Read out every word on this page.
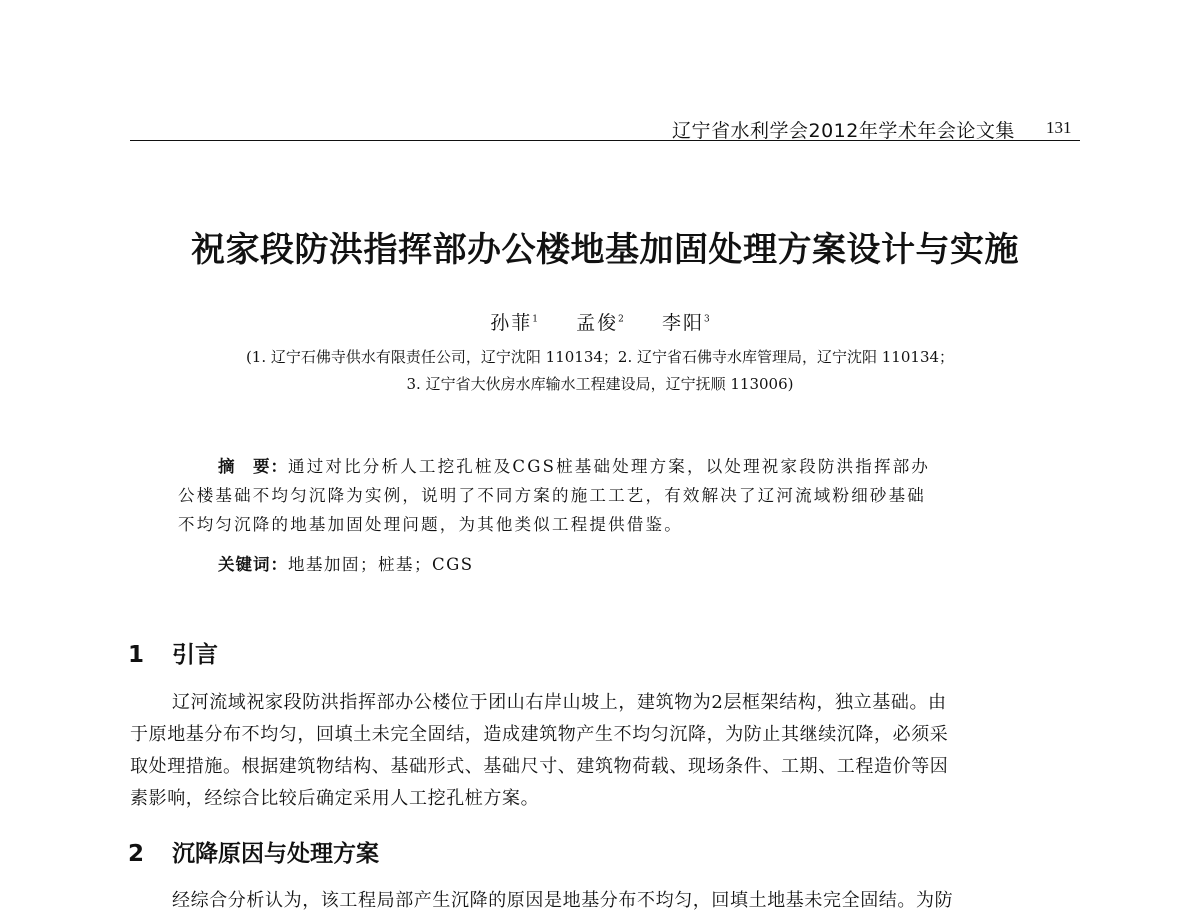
辽宁省水利学会2012年学术年会论文集 131
祝家段防洪指挥部办公楼地基加固处理方案设计与实施
孙菲$^1$ 孟俊$^2$ 李阳$^3$
(1. 辽宁石佛寺供水有限责任公司，辽宁沈阳 110134；2. 辽宁省石佛寺水库管理局，辽宁沈阳 110134；
3. 辽宁省大伙房水库输水工程建设局，辽宁抚顺 113006)
摘　要：通过对比分析人工挖孔桩及CGS桩基础处理方案，以处理祝家段防洪指挥部办
公楼基础不均匀沉降为实例，说明了不同方案的施工工艺，有效解决了辽河流域粉细砂基础
不均匀沉降的地基加固处理问题，为其他类似工程提供借鉴。
关键词：地基加固；桩基；CGS
1 引言

辽河流域祝家段防洪指挥部办公楼位于团山右岸山坡上，建筑物为2层框架结构，独立基础。由

于原地基分布不均匀，回填土未完全固结，造成建筑物产生不均匀沉降，为防止其继续沉降，必须采

取处理措施。根据建筑物结构、基础形式、基础尺寸、建筑物荷载、现场条件、工期、工程造价等因

素影响，经综合比较后确定采用人工挖孔桩方案。

2 沉降原因与处理方案

经综合分析认为，该工程局部产生沉降的原因是地基分布不均匀，回填土地基未完全固结。为防
